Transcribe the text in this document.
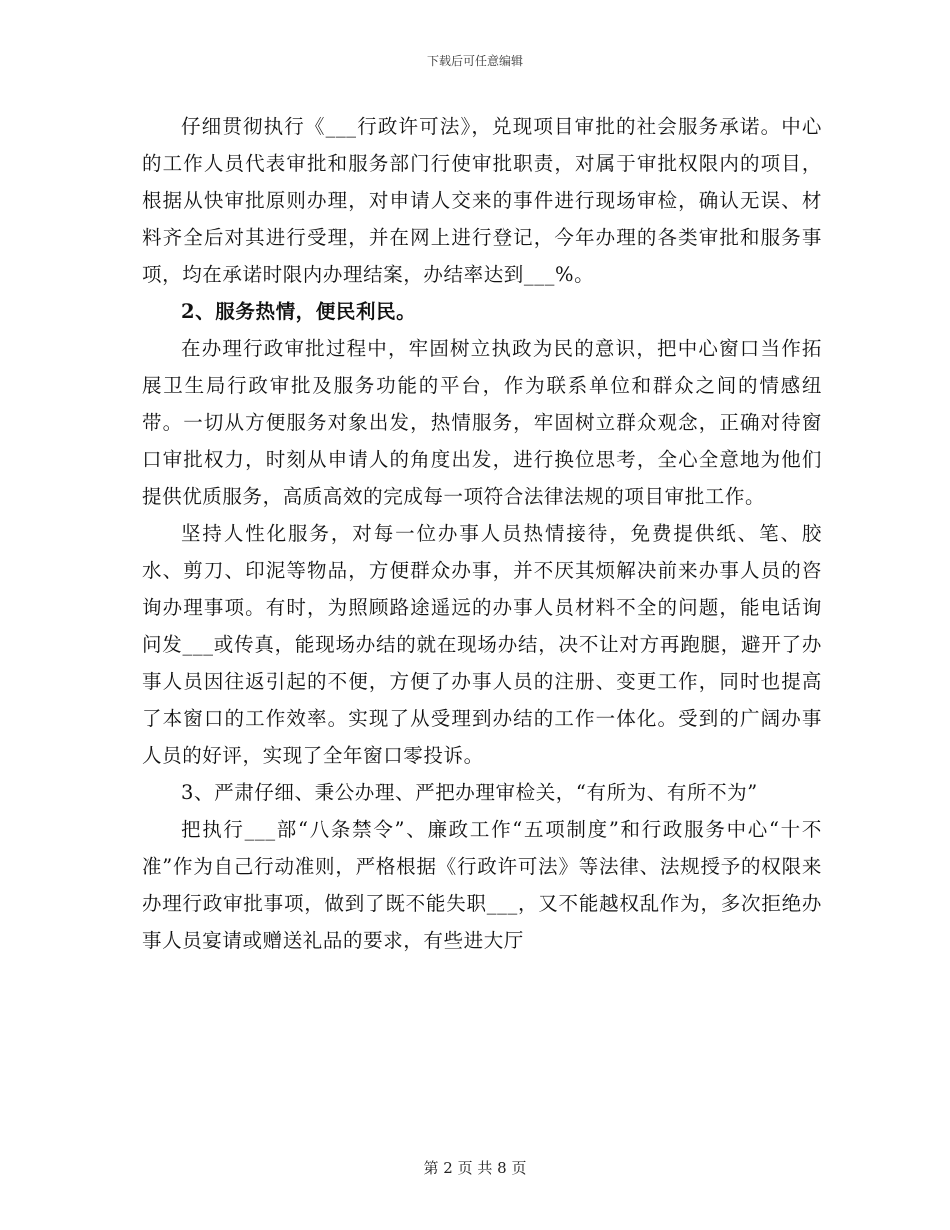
下载后可任意编辑

仔细贯彻执行《___行政许可法》，兑现项目审批的社会服务承诺。中心的工作人员代表审批和服务部门行使审批职责，对属于审批权限内的项目，根据从快审批原则办理，对申请人交来的事件进行现场审检，确认无误、材料齐全后对其进行受理，并在网上进行登记，今年办理的各类审批和服务事项，均在承诺时限内办理结案，办结率达到___%。

2、服务热情，便民利民。

在办理行政审批过程中，牢固树立执政为民的意识，把中心窗口当作拓展卫生局行政审批及服务功能的平台，作为联系单位和群众之间的情感纽带。一切从方便服务对象出发，热情服务，牢固树立群众观念，正确对待窗口审批权力，时刻从申请人的角度出发，进行换位思考，全心全意地为他们提供优质服务，高质高效的完成每一项符合法律法规的项目审批工作。

坚持人性化服务，对每一位办事人员热情接待，免费提供纸、笔、胶水、剪刀、印泥等物品，方便群众办事，并不厌其烦解决前来办事人员的咨询办理事项。有时，为照顾路途遥远的办事人员材料不全的问题，能电话询问发___或传真，能现场办结的就在现场办结，决不让对方再跑腿，避开了办事人员因往返引起的不便，方便了办事人员的注册、变更工作，同时也提高了本窗口的工作效率。实现了从受理到办结的工作一体化。受到的广阔办事人员的好评，实现了全年窗口零投诉。

3、严肃仔细、秉公办理、严把办理审检关，“有所为、有所不为”

把执行___部“八条禁令”、廉政工作“五项制度”和行政服务中心“十不准”作为自己行动准则，严格根据《行政许可法》等法律、法规授予的权限来办理行政审批事项，做到了既不能失职___，又不能越权乱作为，多次拒绝办事人员宴请或赠送礼品的要求，有些进大厅

第 2 页 共 8 页
